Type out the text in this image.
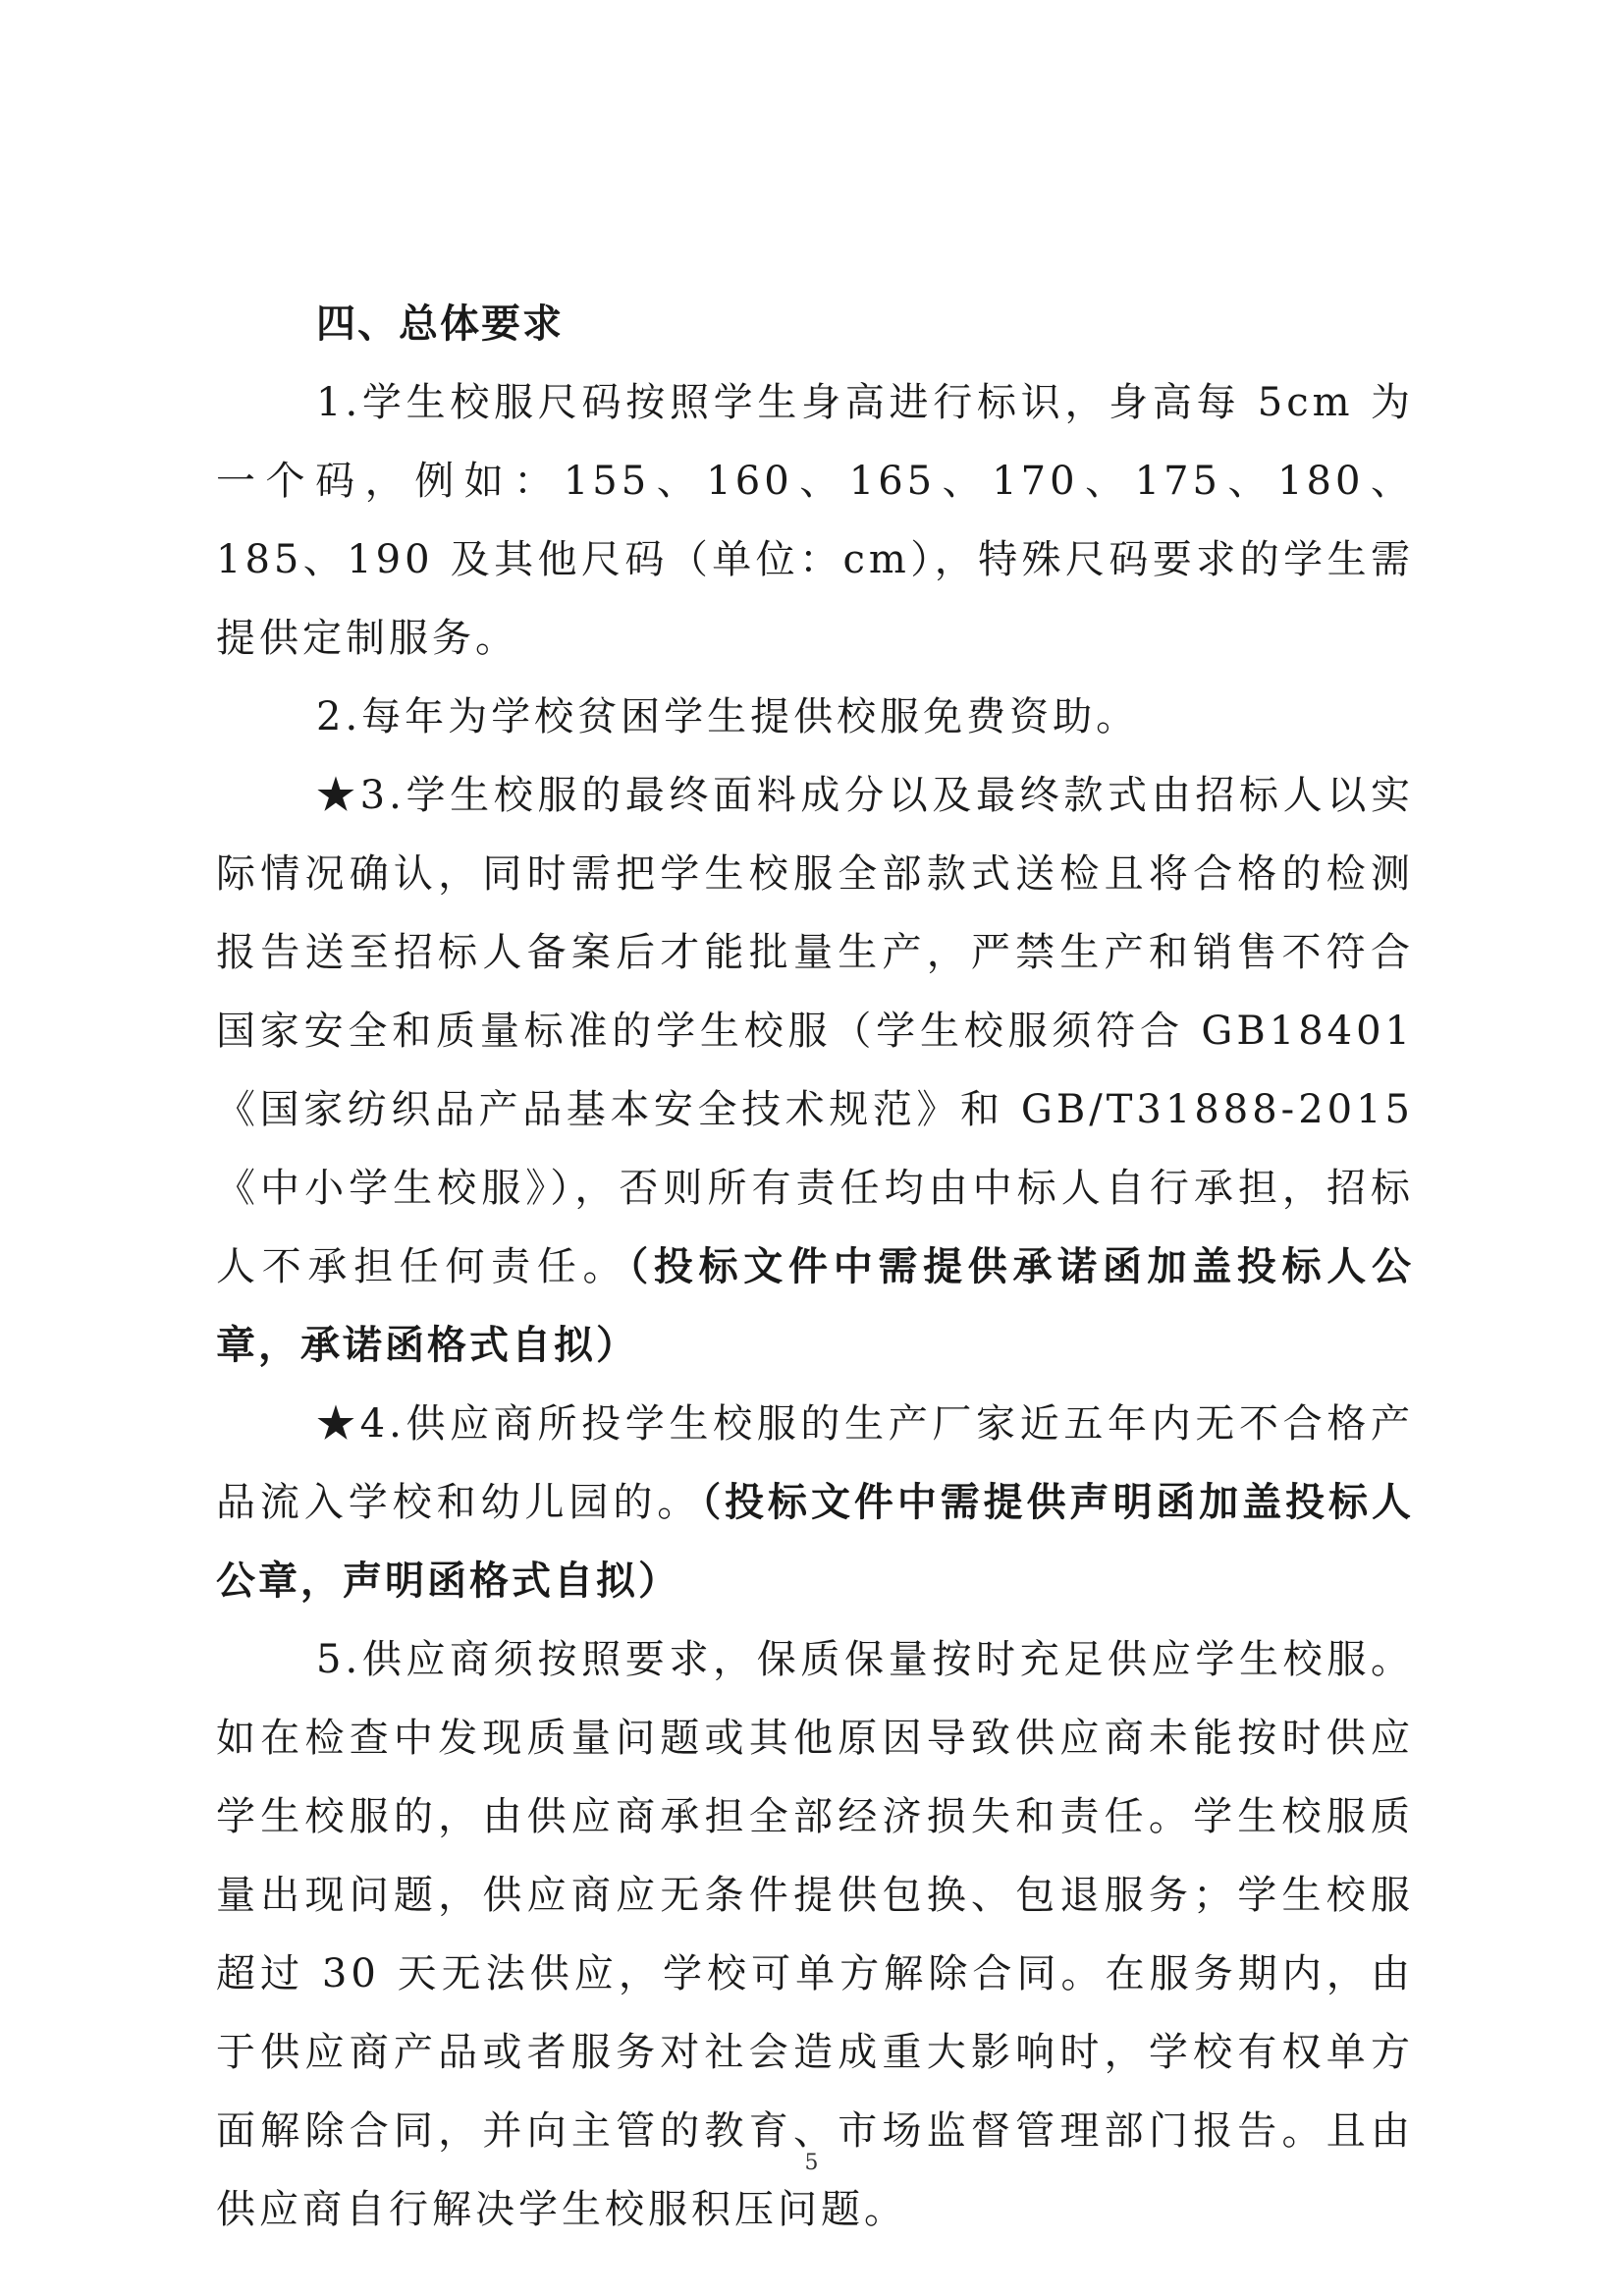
四、总体要求

1.学生校服尺码按照学生身高进行标识，身高每 5cm 为一个码，例如：155、160、165、170、175、180、185、190 及其他尺码（单位：cm），特殊尺码要求的学生需提供定制服务。

2.每年为学校贫困学生提供校服免费资助。

★3.学生校服的最终面料成分以及最终款式由招标人以实际情况确认，同时需把学生校服全部款式送检且将合格的检测报告送至招标人备案后才能批量生产，严禁生产和销售不符合国家安全和质量标准的学生校服（学生校服须符合 GB18401《国家纺织品产品基本安全技术规范》和 GB/T31888-2015《中小学生校服》），否则所有责任均由中标人自行承担，招标人不承担任何责任。（投标文件中需提供承诺函加盖投标人公章，承诺函格式自拟）

★4.供应商所投学生校服的生产厂家近五年内无不合格产品流入学校和幼儿园的。（投标文件中需提供声明函加盖投标人公章，声明函格式自拟）

5.供应商须按照要求，保质保量按时充足供应学生校服。如在检查中发现质量问题或其他原因导致供应商未能按时供应学生校服的，由供应商承担全部经济损失和责任。学生校服质量出现问题，供应商应无条件提供包换、包退服务；学生校服超过 30 天无法供应，学校可单方解除合同。在服务期内，由于供应商产品或者服务对社会造成重大影响时，学校有权单方面解除合同，并向主管的教育、市场监督管理部门报告。且由供应商自行解决学生校服积压问题。

5
